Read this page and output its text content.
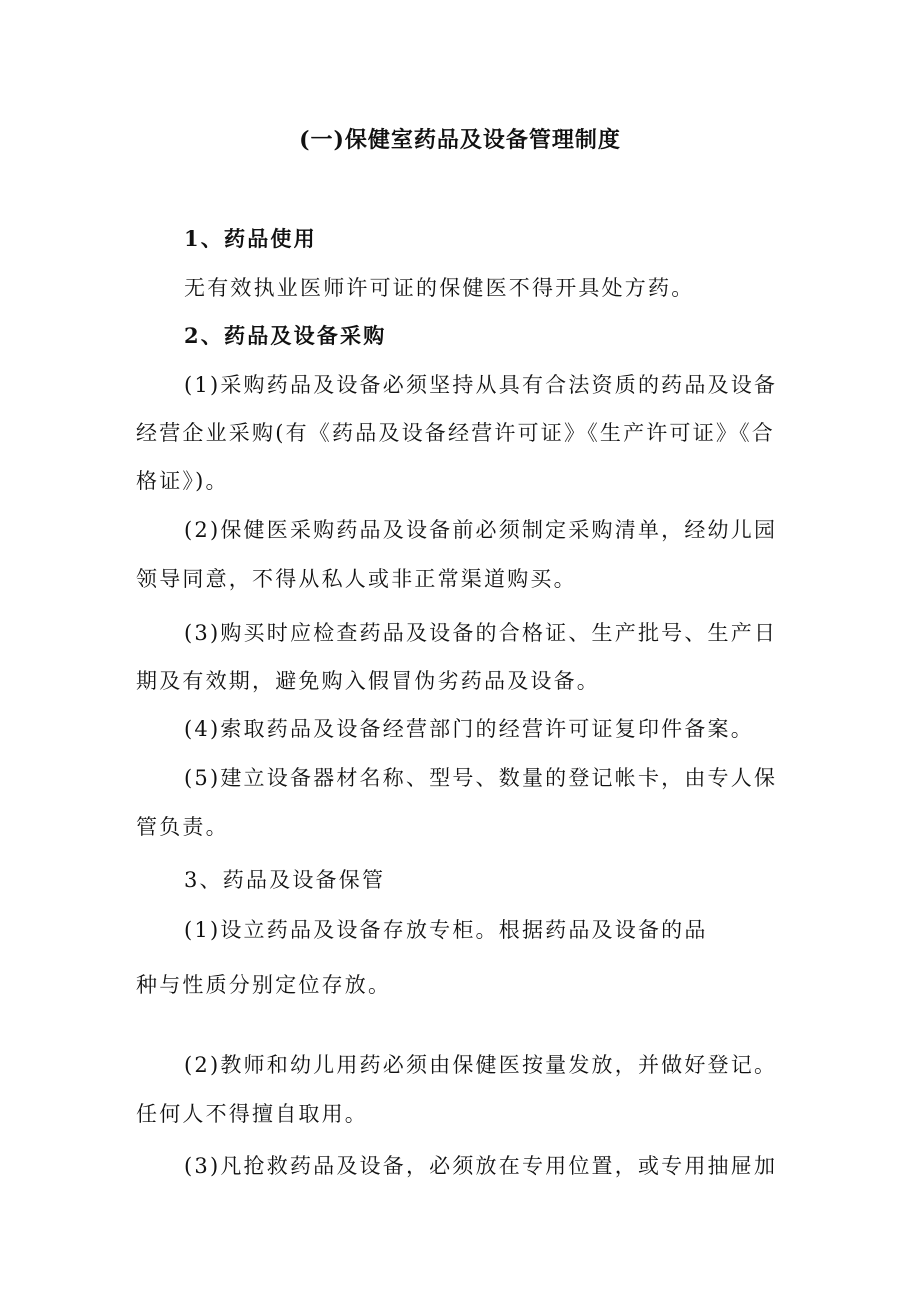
(一)保健室药品及设备管理制度
1、药品使用
无有效执业医师许可证的保健医不得开具处方药。
2、药品及设备采购
(1)采购药品及设备必须坚持从具有合法资质的药品及设备
经营企业采购(有《药品及设备经营许可证》《生产许可证》《合
格证》)。
(2)保健医采购药品及设备前必须制定采购清单，经幼儿园
领导同意，不得从私人或非正常渠道购买。
(3)购买时应检查药品及设备的合格证、生产批号、生产日
期及有效期，避免购入假冒伪劣药品及设备。
(4)索取药品及设备经营部门的经营许可证复印件备案。
(5)建立设备器材名称、型号、数量的登记帐卡，由专人保
管负责。
3、药品及设备保管
(1)设立药品及设备存放专柜。根据药品及设备的品
种与性质分别定位存放。
(2)教师和幼儿用药必须由保健医按量发放，并做好登记。
任何人不得擅自取用。
(3)凡抢救药品及设备，必须放在专用位置，或专用抽屉加
